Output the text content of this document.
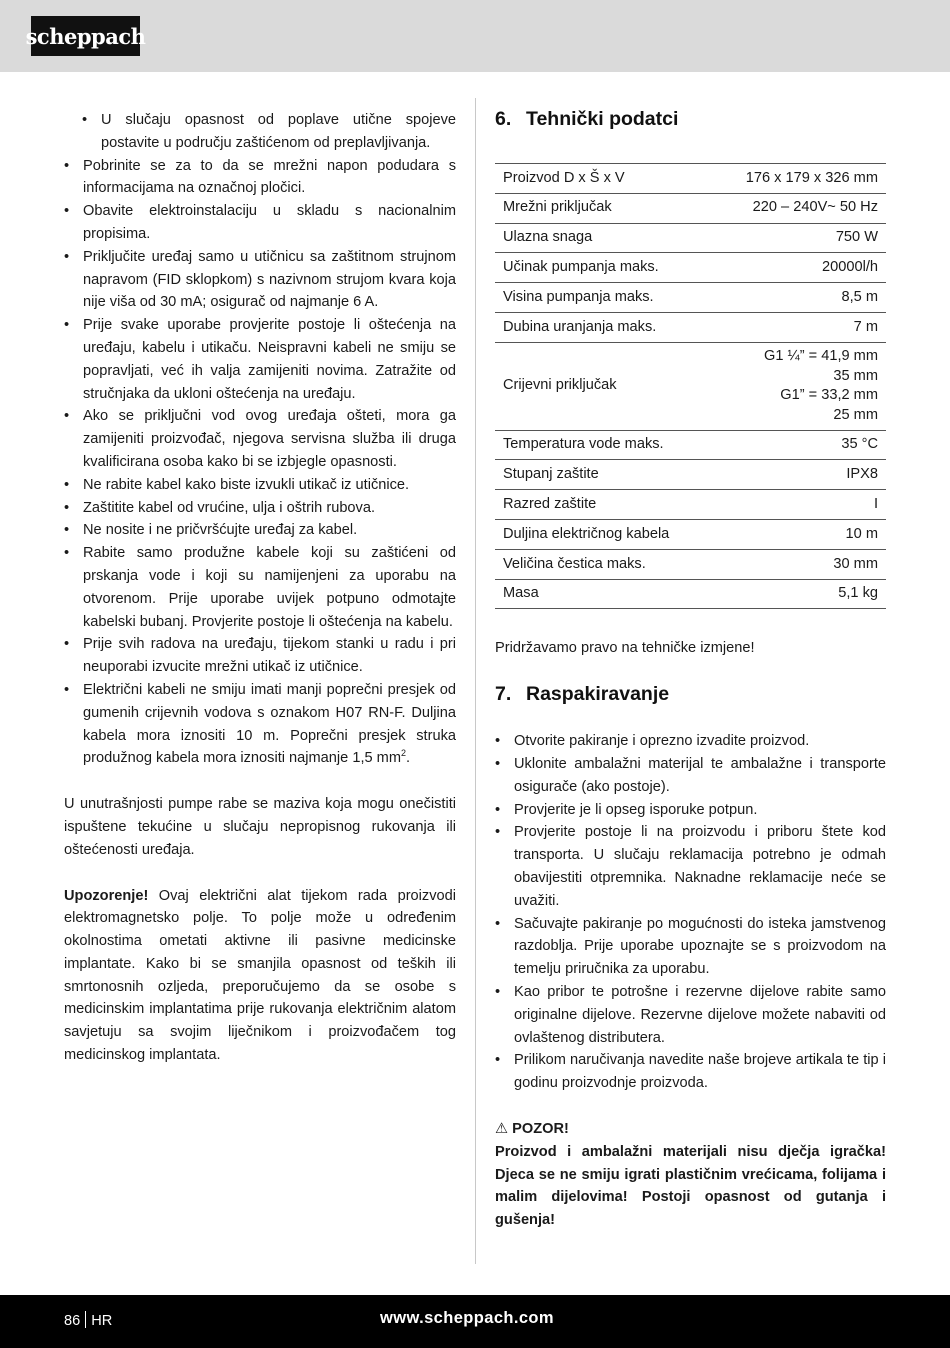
scheppach
• U slučaju opasnost od poplave utične spojeve postavite u području zaštićenom od preplavljivanja.
• Pobrinite se za to da se mrežni napon podudara s informacijama na označnoj pločici.
• Obavite elektroinstalaciju u skladu s nacionalnim propisima.
• Priključite uređaj samo u utičnicu sa zaštitnom strujnom napravom (FID sklopkom) s nazivnom strujom kvara koja nije viša od 30 mA; osigurač od najmanje 6 A.
• Prije svake uporabe provjerite postoje li oštećenja na uređaju, kabelu i utikaču. Neispravni kabeli ne smiju se popravljati, već ih valja zamijeniti novima. Zatražite od stručnjaka da ukloni oštećenja na uređaju.
• Ako se priključni vod ovog uređaja ošteti, mora ga zamijeniti proizvođač, njegova servisna služba ili druga kvalificirana osoba kako bi se izbjegle opasnosti.
• Ne rabite kabel kako biste izvukli utikač iz utičnice.
• Zaštitite kabel od vrućine, ulja i oštrih rubova.
• Ne nosite i ne pričvršćujte uređaj za kabel.
• Rabite samo produžne kabele koji su zaštićeni od prskanja vode i koji su namijenjeni za uporabu na otvorenom. Prije uporabe uvijek potpuno odmotajte kabelski bubanj. Provjerite postoje li oštećenja na kabelu.
• Prije svih radova na uređaju, tijekom stanki u radu i pri neuporabi izvucite mrežni utikač iz utičnice.
• Električni kabeli ne smiju imati manji poprečni presjek od gumenih crijevnih vodova s oznakom H07 RN-F. Duljina kabela mora iznositi 10 m. Poprečni presjek struka produžnog kabela mora iznositi najmanje 1,5 $mm^2$.

U unutrašnjosti pumpe rabe se maziva koja mogu onečistiti ispuštene tekućine u slučaju nepropisnog rukovanja ili oštećenosti uređaja.

Upozorenje! Ovaj električni alat tijekom rada proizvodi elektromagnetsko polje. To polje može u određenim okolnostima ometati aktivne ili pasivne medicinske implantate. Kako bi se smanjila opasnost od teških ili smrtonosnih ozljeda, preporučujemo da se osobe s medicinskim implantatima prije rukovanja električnim alatom savjetuju sa svojim liječnikom i proizvođačem tog medicinskog implantata.

6. Tehnički podatci
Proizvod D x Š x V	176 x 179 x 326 mm
Mrežni priključak	220 – 240V~ 50 Hz
Ulazna snaga	750 W
Učinak pumpanja maks.	20000l/h
Visina pumpanja maks.	8,5 m
Dubina uranjanja maks.	7 m
Crijevni priključak	G1 ¼” = 41,9 mm
35 mm
G1” = 33,2 mm
25 mm

Temperatura vode maks.	35 °C
Stupanj zaštite	IPX8
Razred zaštite	I
Duljina električnog kabela	10 m
Veličina čestica maks.	30 mm
Masa	5,1 kg

Pridržavamo pravo na tehničke izmjene!

7. Raspakiravanje
• Otvorite pakiranje i oprezno izvadite proizvod.
• Uklonite ambalažni materijal te ambalažne i transporte osigurače (ako postoje).
• Provjerite je li opseg isporuke potpun.
• Provjerite postoje li na proizvodu i priboru štete kod transporta. U slučaju reklamacija potrebno je odmah obavijestiti otpremnika. Naknadne reklamacije neće se uvažiti.
• Sačuvajte pakiranje po mogućnosti do isteka jamstvenog razdoblja. Prije uporabe upoznajte se s proizvodom na temelju priručnika za uporabu.
• Kao pribor te potrošne i rezervne dijelove rabite samo originalne dijelove. Rezervne dijelove možete nabaviti od ovlaštenog distributera.
• Prilikom naručivanja navedite naše brojeve artikala te tip i godinu proizvodnje proizvoda.
⚠ POZOR!

Proizvod i ambalažni materijali nisu dječja igračka! Djeca se ne smiju igrati plastičnim vrećicama, folijama i malim dijelovima! Postoji opasnost od gutanja i gušenja!

86 HR	www.scheppach.com
